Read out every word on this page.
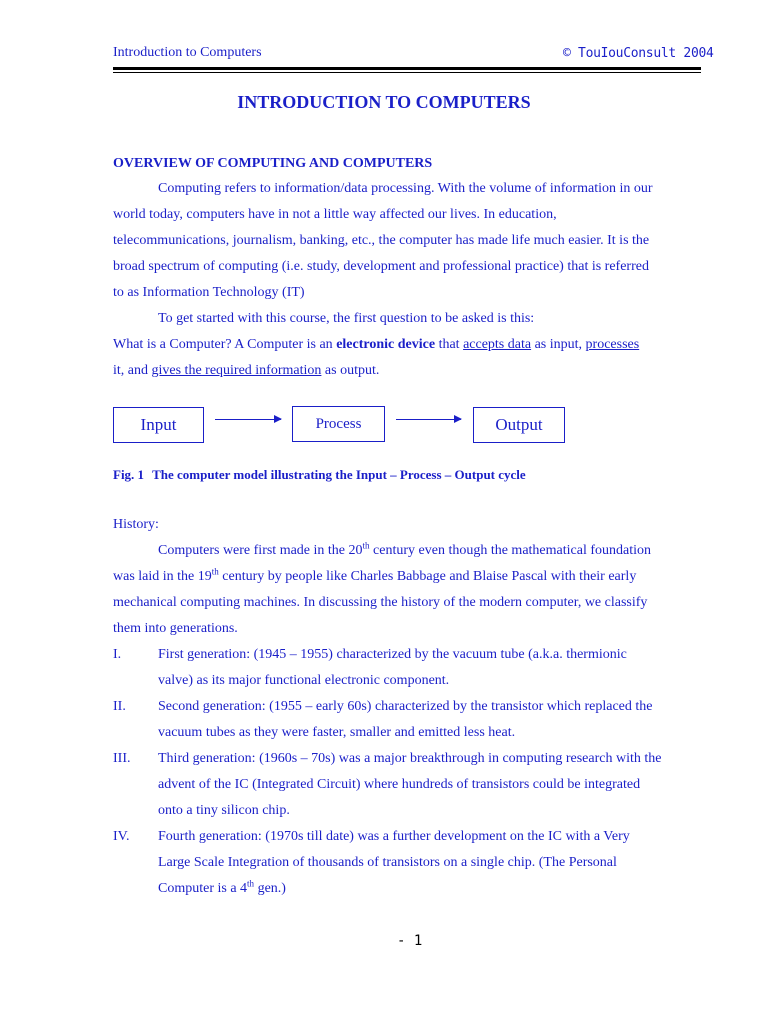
Introduction to Computers	© TouIouConsult 2004
INTRODUCTION TO COMPUTERS
OVERVIEW OF COMPUTING AND COMPUTERS
Computing refers to information/data processing. With the volume of information in our
world today, computers have in not a little way affected our lives. In education,
telecommunications, journalism, banking, etc., the computer has made life much easier. It is the
broad spectrum of computing (i.e. study, development and professional practice) that is referred
to as Information Technology (IT)
To get started with this course, the first question to be asked is this:
What is a Computer? A Computer is an electronic device that accepts data as input, processes
it, and gives the required information as output.
Input	Process	Output
Fig. 1 The computer model illustrating the Input – Process – Output cycle
History:
Computers were first made in the 20th century even though the mathematical foundation
was laid in the 19th century by people like Charles Babbage and Blaise Pascal with their early
mechanical computing machines. In discussing the history of the modern computer, we classify
them into generations.
I.	First generation: (1945 – 1955) characterized by the vacuum tube (a.k.a. thermionic
valve) as its major functional electronic component.
II. Second generation: (1955 – early 60s) characterized by the transistor which replaced the
vacuum tubes as they were faster, smaller and emitted less heat.
III. Third generation: (1960s – 70s) was a major breakthrough in computing research with the
advent of the IC (Integrated Circuit) where hundreds of transistors could be integrated
onto a tiny silicon chip.
IV. Fourth generation: (1970s till date) was a further development on the IC with a Very
Large Scale Integration of thousands of transistors on a single chip. (The Personal
Computer is a 4th gen.)
- 1
